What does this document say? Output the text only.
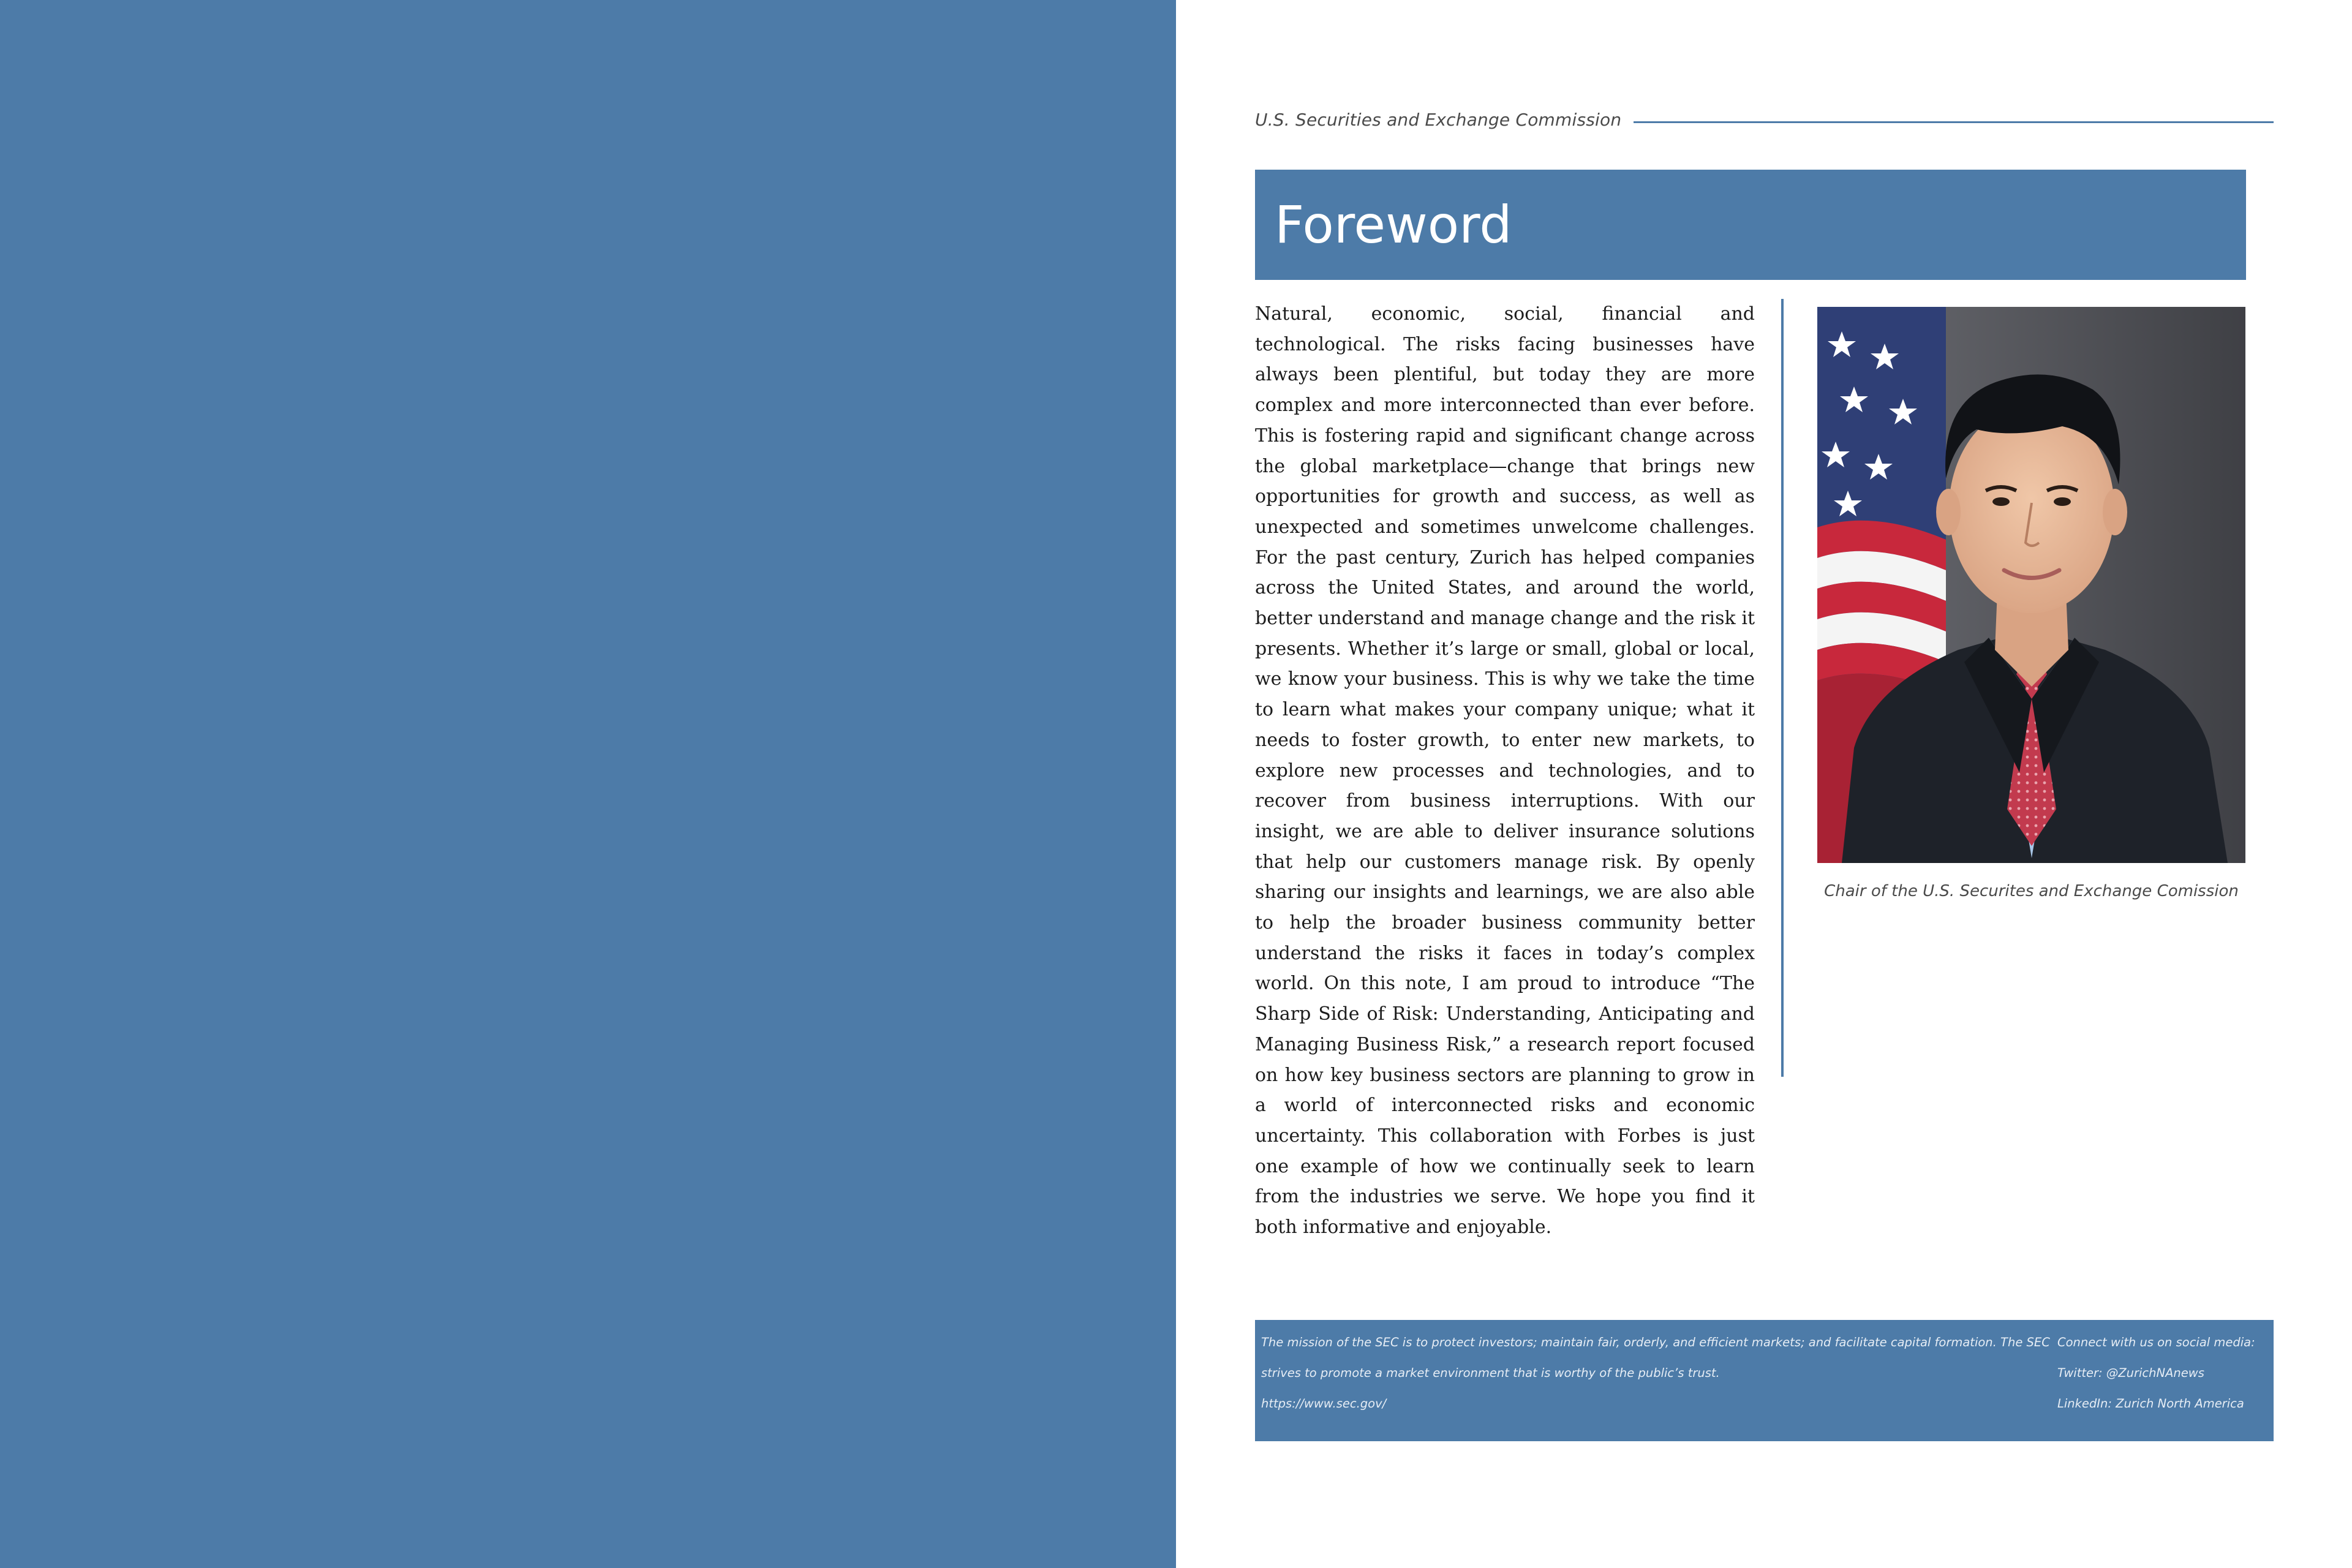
U.S. Securities and Exchange Commission
Foreword

Natural, economic, social, financial and technological. The risks facing businesses have always been plentiful, but today they are more complex and more interconnected than ever before. This is fostering rapid and significant change across the global marketplace—change that brings new opportunities for growth and success, as well as unexpected and sometimes unwelcome challenges. For the past century, Zurich has helped companies across the United States, and around the world, better understand and manage change and the risk it presents. Whether it’s large or small, global or local, we know your business. This is why we take the time to learn what makes your company unique; what it needs to foster growth, to enter new markets, to explore new processes and technologies, and to recover from business interruptions. With our insight, we are able to deliver insurance solutions that help our customers manage risk. By openly sharing our insights and learnings, we are also able to help the broader business community better understand the risks it faces in today’s complex world. On this note, I am proud to introduce “The Sharp Side of Risk: Understanding, Anticipating and Managing Business Risk,” a research report focused on how key business sectors are planning to grow in a world of interconnected risks and economic uncertainty. This collaboration with Forbes is just one example of how we continually seek to learn from the industries we serve. We hope you find it both informative and enjoyable.

Chair of the U.S. Securites and Exchange Comission
The mission of the SEC is to protect investors; maintain fair, orderly, and efficient markets; and facilitate capital formation. The SEC
strives to promote a market environment that is worthy of the public’s trust.
https://www.sec.gov/
Connect with us on social media:
Twitter: @ZurichNAnews
LinkedIn: Zurich North America
